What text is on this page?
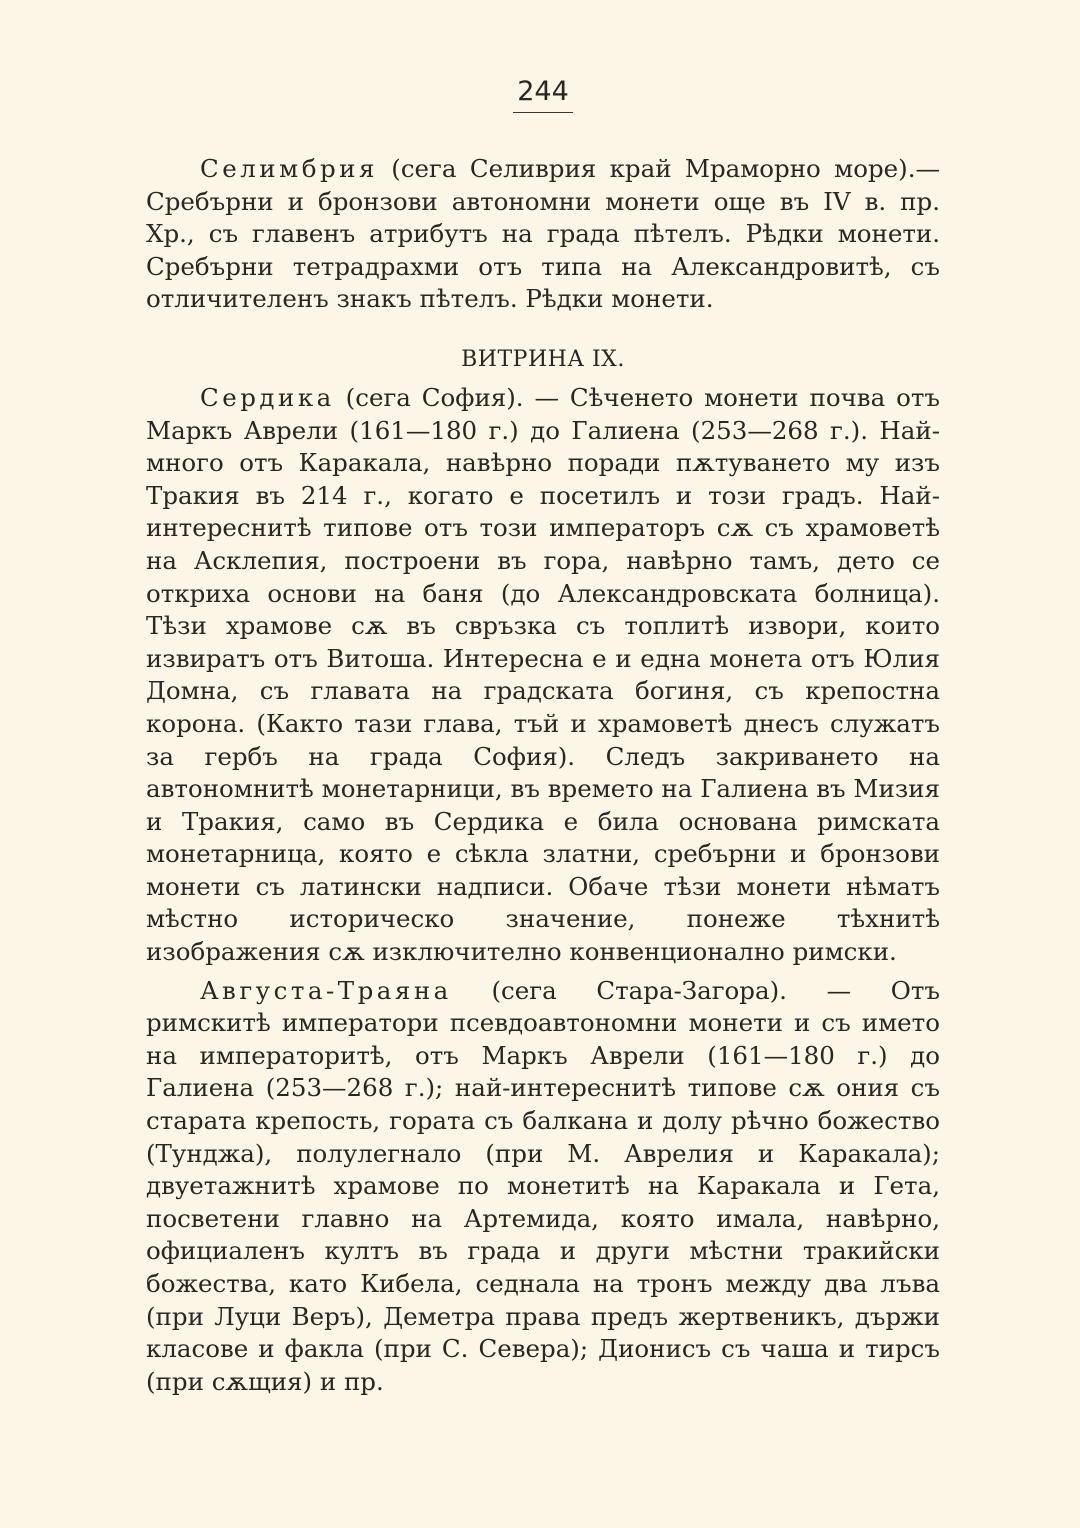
244

Селимбрия (сега Селиврия край Мраморно море).— Сребърни и бронзови автономни монети още въ IV в. пр. Хр., съ главенъ атрибутъ на града пѣтелъ. Рѣдки монети. Сребърни тетрадрахми отъ типа на Александровитѣ, съ отличителенъ знакъ пѣтелъ. Рѣдки монети.

ВИТРИНА IX.

Сердика (сега София). — Сѣченето монети почва отъ Маркъ Аврели (161—180 г.) до Галиена (253—268 г.). Най-много отъ Каракала, навѣрно поради пѫтуването му изъ Тракия въ 214 г., когато е посетилъ и този градъ. Най-интереснитѣ типове отъ този императоръ сѫ съ храмоветѣ на Асклепия, построени въ гора, навѣрно тамъ, дето се откриха основи на баня (до Александровската болница). Тѣзи храмове сѫ въ свръзка съ топлитѣ извори, които извиратъ отъ Витоша. Интересна е и една монета отъ Юлия Домна, съ главата на градската богиня, съ крепостна корона. (Както тази глава, тъй и храмоветѣ днесъ служатъ за гербъ на града София). Следъ закриването на автономнитѣ монетарници, въ времето на Галиена въ Мизия и Тракия, само въ Сердика е била основана римската монетарница, която е сѣкла златни, сребърни и бронзови монети съ латински надписи. Обаче тѣзи монети нѣматъ мѣстно историческо значение, понеже тѣхнитѣ изображения сѫ изключително конвенционално римски.

Августа-Траяна (сега Стара-Загора). — Отъ римскитѣ императори псевдоавтономни монети и съ името на императоритѣ, отъ Маркъ Аврели (161—180 г.) до Галиена (253—268 г.); най-интереснитѣ типове сѫ ония съ старата крепость, гората съ балкана и долу рѣчно божество (Тунджа), полулегнало (при М. Аврелия и Каракала); двуетажнитѣ храмове по монетитѣ на Каракала и Гета, посветени главно на Артемида, която имала, навѣрно, официаленъ култъ въ града и други мѣстни тракийски божества, като Кибела, седнала на тронъ между два лъва (при Луци Веръ), Деметра права предъ жертвеникъ, държи класове и факла (при С. Севера); Дионисъ съ чаша и тирсъ (при сѫщия) и пр.
